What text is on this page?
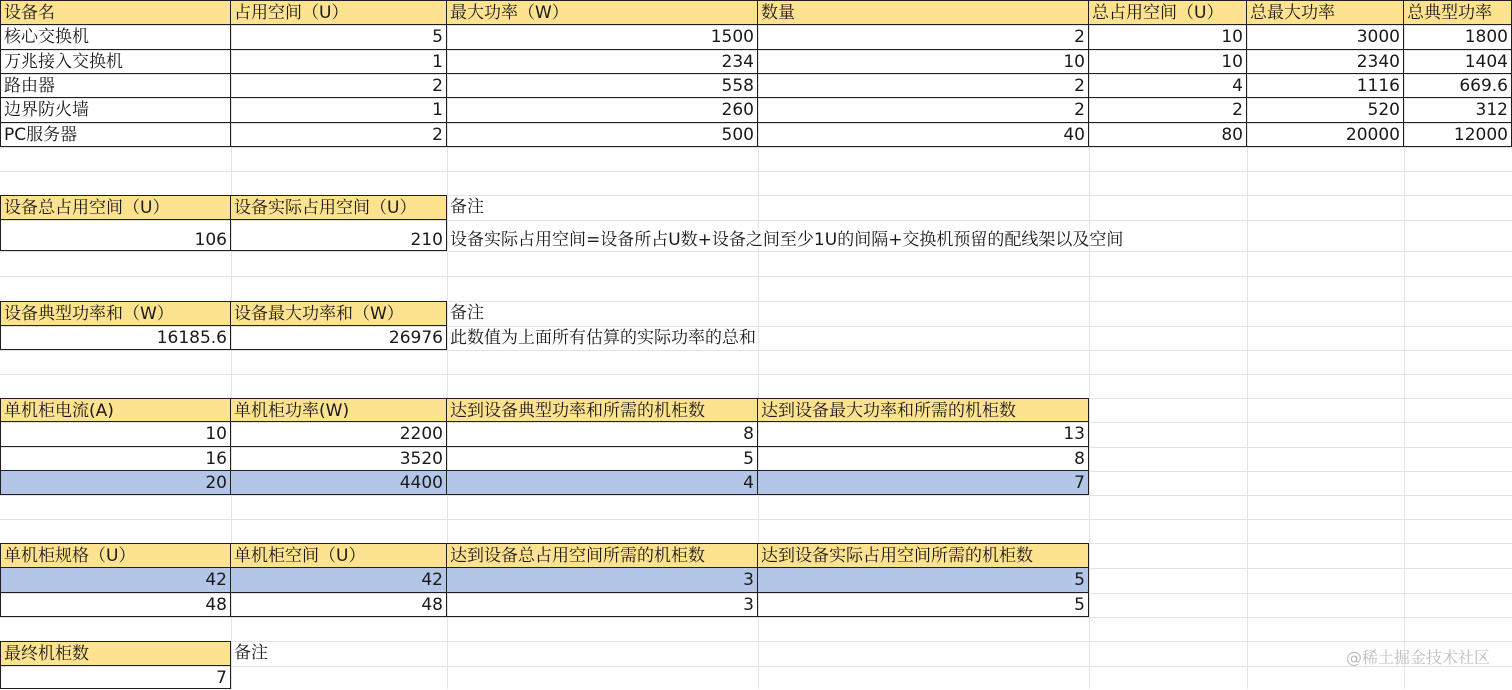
设备名	占用空间（U）	最大功率（W）	数量	总占用空间（U）	总最大功率	总典型功率
核心交换机	5	1500	2	10	3000	1800
万兆接入交换机	1	234	10	10	2340	1404
路由器	2	558	2	4	1116	669.6
边界防火墙	1	260	2	2	520	312
PC服务器	2	500	40	80	20000	12000
设备总占用空间（U）	设备实际占用空间（U）	备注
106	210 设备实际占用空间=设备所占U数+设备之间至少1U的间隔+交换机预留的配线架以及空间
设备典型功率和（W）	设备最大功率和（W）	备注
16185.6	26976 此数值为上面所有估算的实际功率的总和
单机柜电流(A)	单机柜功率(W)	达到设备典型功率和所需的机柜数	达到设备最大功率和所需的机柜数
10	2200	8	13
16	3520	5	8
20	4400	4	7
单机柜规格（U）	单机柜空间（U）	达到设备总占用空间所需的机柜数	达到设备实际占用空间所需的机柜数
42	42	3	5
48	48	3	5
最终机柜数	备注
7
@稀土掘金技术社区
